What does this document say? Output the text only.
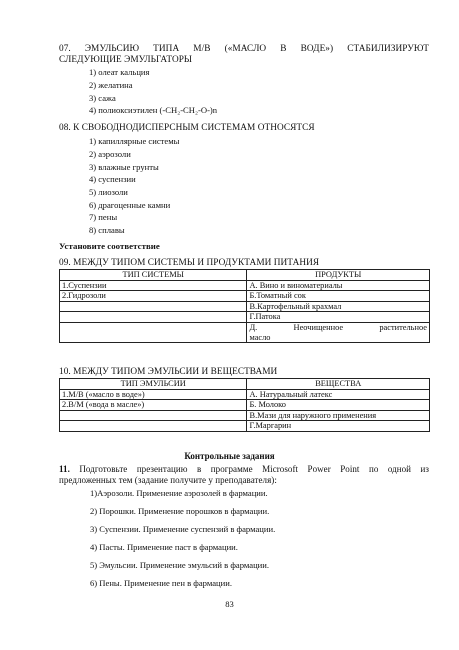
07. ЭМУЛЬСИЮ ТИПА М/В («МАСЛО В ВОДЕ») СТАБИЛИЗИРУЮТ
СЛЕДУЮЩИЕ ЭМУЛЬГАТОРЫ
1) олеат кальция
2) желатина
3) сажа
4) полиоксиэтилен (-CH₂-CH₂-O-)n
08. К СВОБОДНОДИСПЕРСНЫМ СИСТЕМАМ ОТНОСЯТСЯ
1) капиллярные системы
2) аэрозоли
3) влажные грунты
4) суспензии
5) лиозоли
6) драгоценные камни
7) пены
8) сплавы
Установите соответствие
09. МЕЖДУ ТИПОМ СИСТЕМЫ И ПРОДУКТАМИ ПИТАНИЯ
ТИП СИСТЕМЫ	ПРОДУКТЫ
1.Суспензии	А. Вино и виноматериалы
2.Гидрозоли	Б.Томатный сок
	В.Картофельный крахмал
	Г.Патока

	Д. Неочищенное растительное
масло
10. МЕЖДУ ТИПОМ ЭМУЛЬСИИ И ВЕЩЕСТВАМИ
ТИП ЭМУЛЬСИИ	ВЕЩЕСТВА
1.М/В («масло в воде»)	А. Натуральный латекс
2.В/М («вода в масле»)	Б. Молоко
	В.Мази для наружного применения
	Г.Маргарин
Контрольные задания
11. Подготовьте презентацию в программе Microsoft Power Point по одной из
предложенных тем (задание получите у преподавателя):
1)Аэрозоли. Применение аэрозолей в фармации.
2) Порошки. Применение порошков в фармации.
3) Суспензии. Применение суспензий в фармации.
4) Пасты. Применение паст в фармации.
5) Эмульсии. Применение эмульсий в фармации.
6) Пены. Применение пен в фармации.
83
